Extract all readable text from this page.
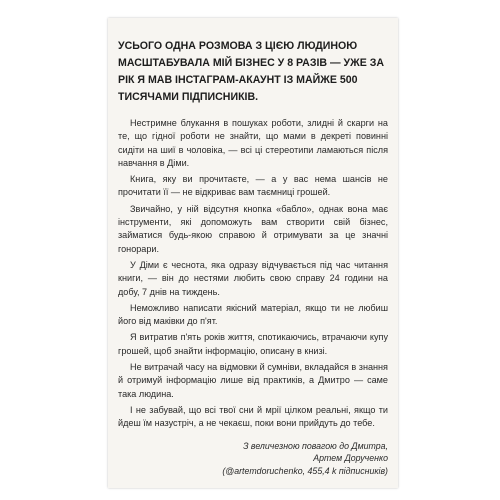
УСЬОГО ОДНА РОЗМОВА З ЦІЄЮ ЛЮДИНОЮ МАСШТАБУВАЛА МІЙ БІЗНЕС У 8 РАЗІВ — УЖЕ ЗА РІК Я МАВ ІНСТАГРАМ-АКАУНТ ІЗ МАЙЖЕ 500 ТИСЯЧАМИ ПІДПИСНИКІВ.

Нестримне блукання в пошуках роботи, злидні й скарги на те, що гідної роботи не знайти, що мами в декреті повинні сидіти на шиї в чоловіка, — всі ці стереотипи ламаються після навчання в Діми.

Книга, яку ви прочитаєте, — а у вас нема шансів не прочитати її — не відкриває вам таємниці грошей.

Звичайно, у ній відсутня кнопка «бабло», однак вона має інструменти, які допоможуть вам створити свій бізнес, займатися будь-якою справою й отримувати за це значні гонорари.

У Діми є чеснота, яка одразу відчувається під час читання книги, — він до нестями любить свою справу 24 години на добу, 7 днів на тиждень.

Неможливо написати якісний матеріал, якщо ти не любиш його від маківки до п'ят.

Я витратив п'ять років життя, спотикаючись, втрачаючи купу грошей, щоб знайти інформацію, описану в книзі.

Не витрачай часу на відмовки й сумніви, вкладайся в знання й отримуй інформацію лише від практиків, а Дмитро — саме така людина.

І не забувай, що всі твої сни й мрії цілком реальні, якщо ти йдеш їм назустріч, а не чекаєш, поки вони прийдуть до тебе.

З величезною повагою до Дмитра,
Артем Дорученко
(@artemdoruchenko, 455,4 k підписників)
